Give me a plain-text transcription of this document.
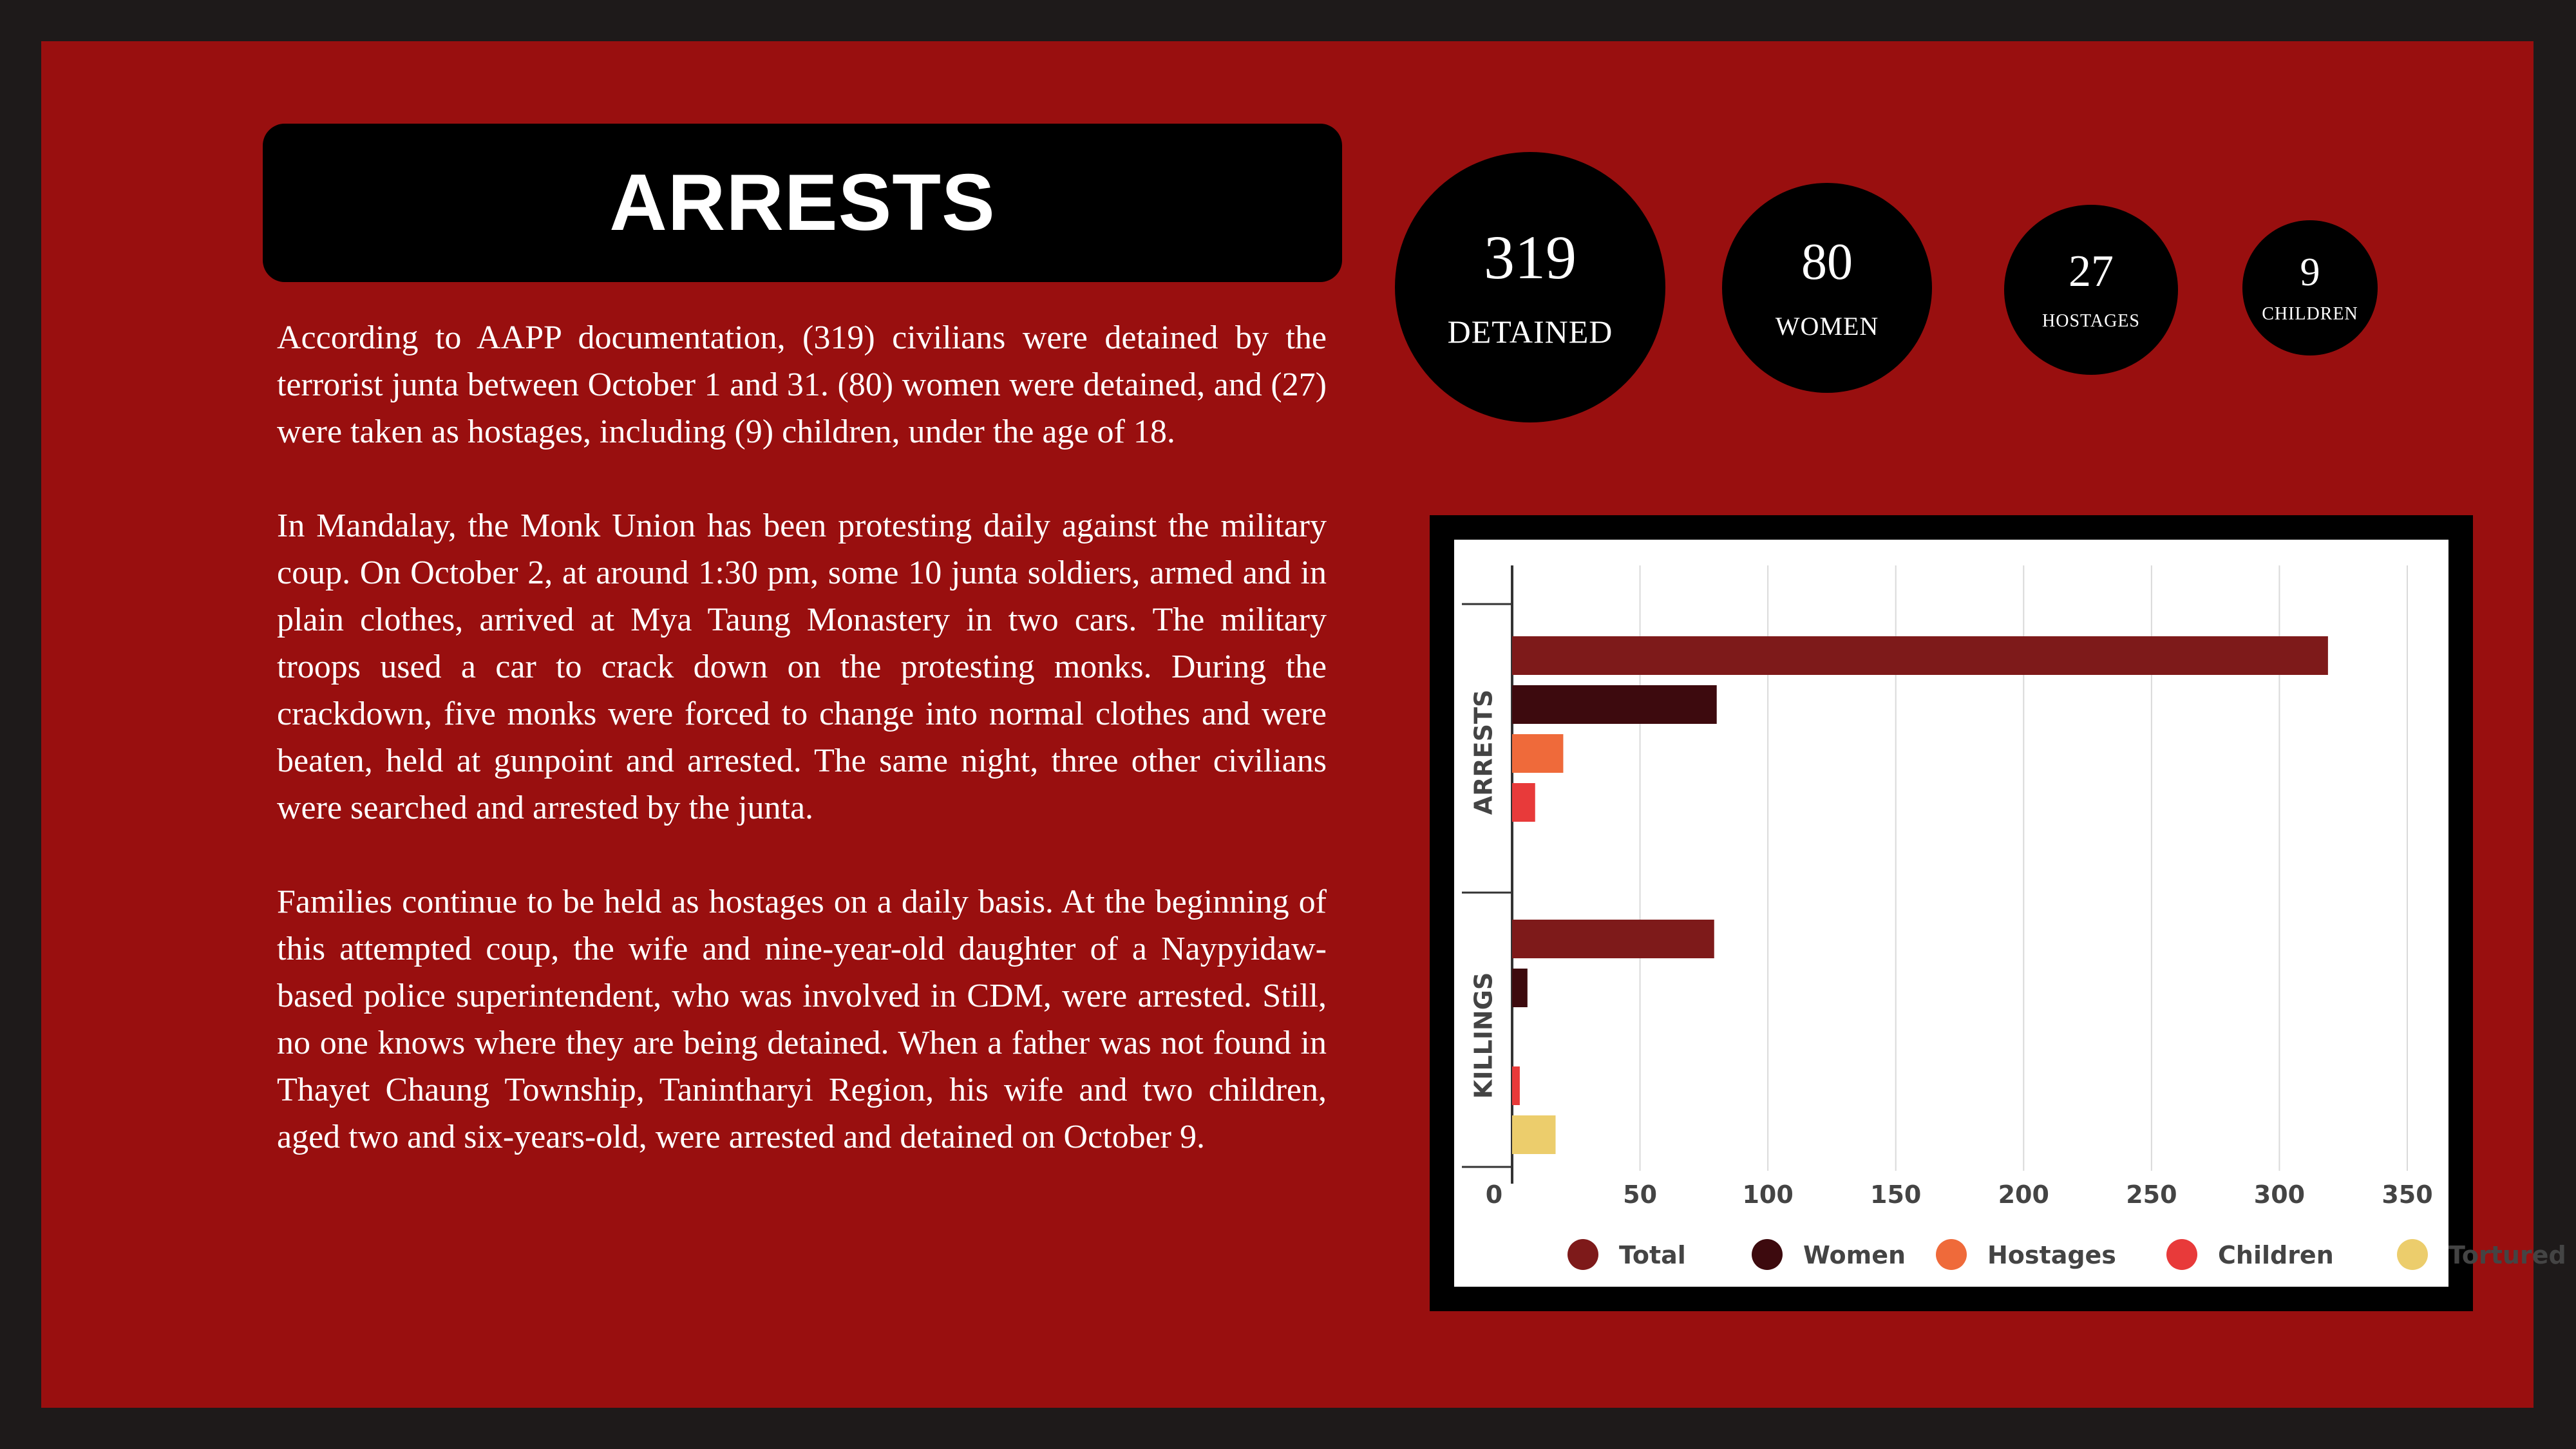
ARRESTS

According to AAPP documentation, (319) civilians were detained by the terrorist junta between October 1 and 31. (80) women were detained, and (27) were taken as hostages, including (9) children, under the age of 18.

In Mandalay, the Monk Union has been protesting daily against the military coup. On October 2, at around 1:30 pm, some 10 junta soldiers, armed and in plain clothes, arrived at Mya Taung Monastery in two cars. The military troops used a car to crack down on the protesting monks. During the crackdown, five monks were forced to change into normal clothes and were beaten, held at gunpoint and arrested. The same night, three other civilians were searched and arrested by the junta.

Families continue to be held as hostages on a daily basis. At the beginning of this attempted coup, the wife and nine-year-old daughter of a Naypyidaw-based police superintendent, who was involved in CDM, were arrested. Still, no one knows where they are being detained. When a father was not found in Thayet Chaung Township, Tanintharyi Region, his wife and two children, aged two and six-years-old, were arrested and detained on October 9.

319
DETAINED
80
WOMEN
27
HOSTAGES
9
CHILDREN
ARRESTS
KILLINGS
0	50	100	150	200	250	300	350
Total	Women	Hostages	Children	Tortured
